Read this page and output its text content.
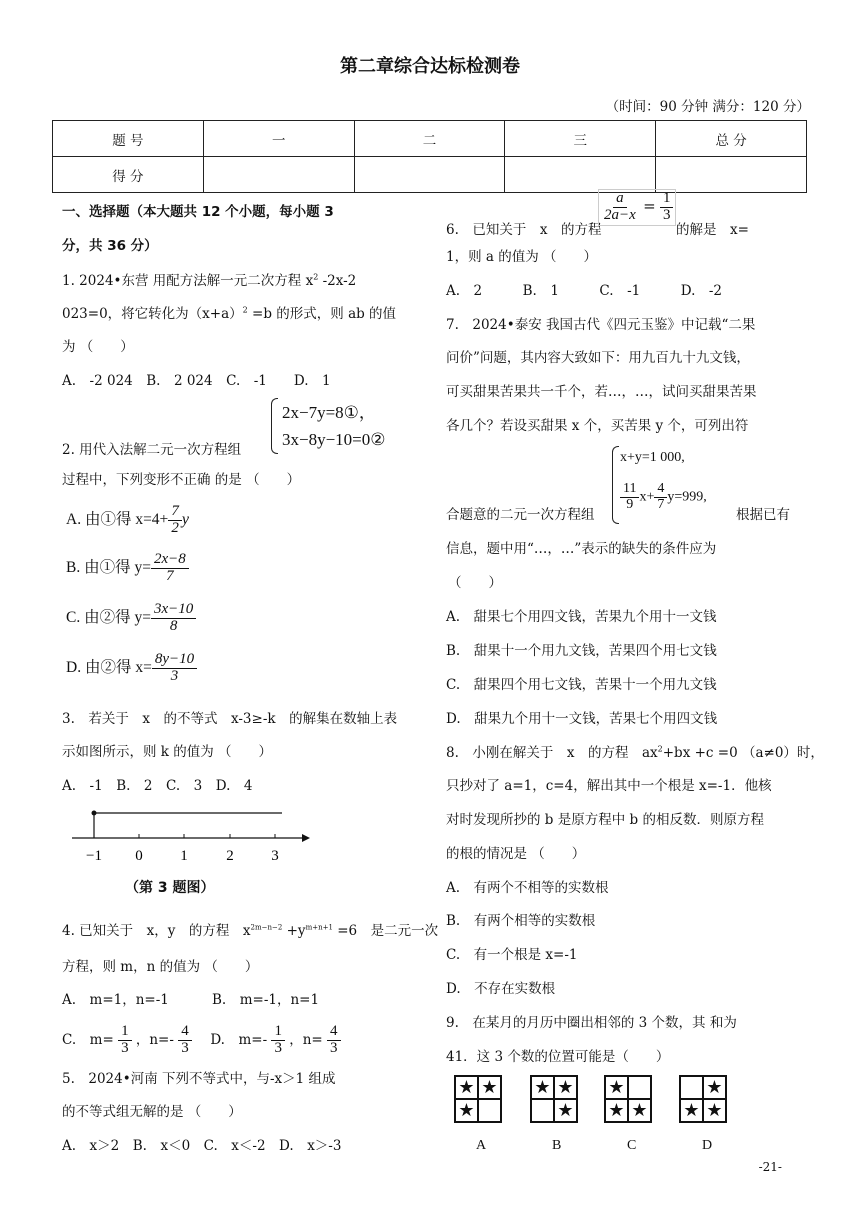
第二章综合达标检测卷
（时间：90 分钟 满分：120 分）
题 号	一	二	三	总 分
得 分				
一、选择题（本大题共 12 个小题，每小题 3
分，共 36 分）
1. 2024•东营 用配方法解一元二次方程 $x^2$ -2x-2
023=0，将它转化为$(x+a)^2 =b$ 的形式，则 ab 的值
为 （　　）
A.　-2 024　B.　2 024　C.　-1　　D.　1
2x−7y=8①，
3x−8y−10=0②
2. 用代入法解二元一次方程组
过程中，下列变形不正确 的是 （　　）
A. 由①得 $x=4+ \frac{7}{2}$ y
B. 由①得 $y= \frac{2x-8}{7}$
C. 由②得 $y= \frac{3x-10}{8}$
D. 由②得 $x= \frac{8y-10}{3}$
3.　若关于　x　的不等式　x-3≥-k　的解集在数轴上表
示如图所示，则 k 的值为 （　　）
A.　-1　B.　2　C.　3　D.　4
−1 0	1	2	3
（第 3 题图）
4. 已知关于　x，y　的方程　$x^{2m-n-2} +y^{m+n+1} =6$　是二元一次
方程，则 m，n 的值为 （　　）
A.　m=1，n=-1	B.　m=-1，n=1
C.　$m= \frac{1}{3}$ ，$n=- \frac{4}{3} D$.　$m=- \frac{1}{3}$ ，$n= \frac{4}{3}$
5.　2024•河南 下列不等式中，与-x＞1 组成
的不等式组无解的是 （　　）
A.　x＞2　B.　x＜0　C.　x＜-2　D.　x＞-3
6.　已知关于　x　的方程
$\frac{a}{2a-x} = \frac{1}{3}$
的解是　x=
1，则 a 的值为 （　　）
A.　2　　　B.　1　　　C.　-1　　　D.　-2
7.　2024•泰安 我国古代《四元玉鉴》中记载“二果
问价”问题，其内容大致如下：用九百九十九文钱，
可买甜果苦果共一千个，若…，…，试问买甜果苦果
各几个？若设买甜果 x 个，买苦果 y 个，可列出符
x+y=1 000,
$\frac{11}{9} x+ \frac{4}{7} y=999$,
合题意的二元一次方程组	根据已有
信息，题中用“…，…”表示的缺失的条件应为
（　　）
A.　甜果七个用四文钱，苦果九个用十一文钱
B.　甜果十一个用九文钱，苦果四个用七文钱
C.　甜果四个用七文钱，苦果十一个用九文钱
D.　甜果九个用十一文钱，苦果七个用四文钱
8.　小刚在解关于　x　的方程　$ax^2+bx +c =0$ （a≠0）时，
只抄对了 a=1，c=4，解出其中一个根是 x=-1．他核
对时发现所抄的 b 是原方程中 b 的相反数．则原方程
的根的情况是 （　　）
A.　有两个不相等的实数根
B.　有两个相等的实数根
C.　有一个根是 x=-1
D.　不存在实数根
9.　在某月的月历中圈出相邻的 3 个数，其 和为
41．这 3 个数的位置可能是（　　）
★ ★
★
★ ★
★
★
★ ★
★
★ ★
A	B	C	D
-21-
